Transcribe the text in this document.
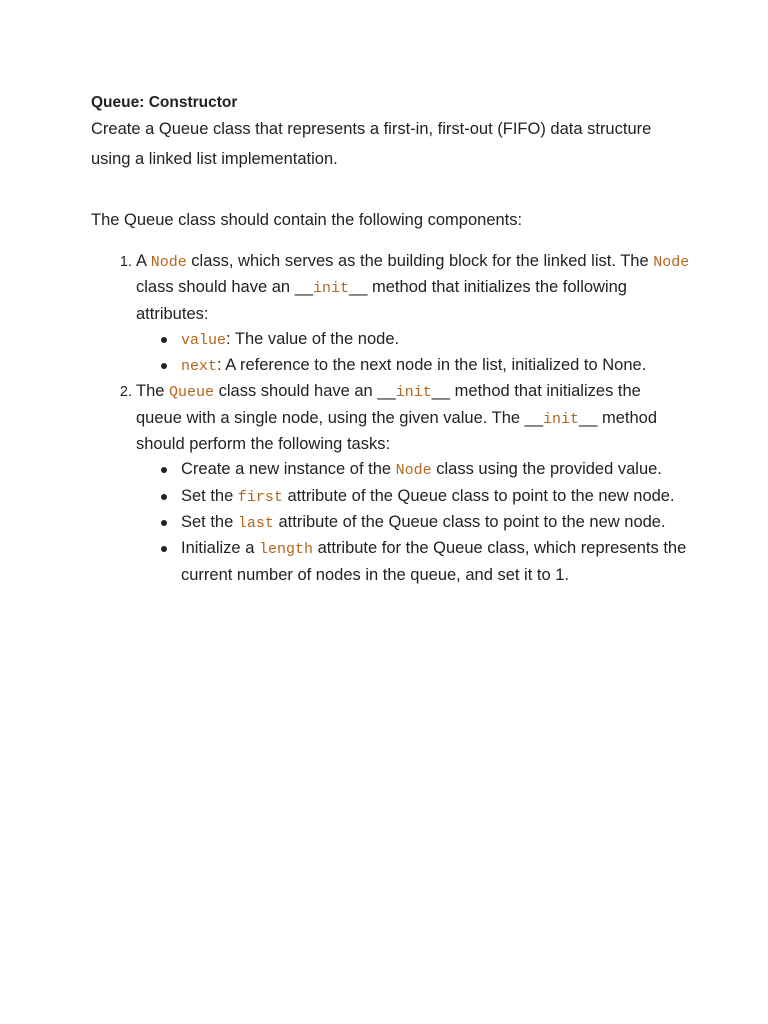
Queue: Constructor

Create a Queue class that represents a first-in, first-out (FIFO) data structure using a linked list implementation.

The Queue class should contain the following components:

1. A Node class, which serves as the building block for the linked list. The Node class should have an __init__ method that initializes the following attributes:
value: The value of the node.
next: A reference to the next node in the list, initialized to None.
2. The Queue class should have an __init__ method that initializes the queue with a single node, using the given value. The __init__ method should perform the following tasks:
Create a new instance of the Node class using the provided value.
Set the first attribute of the Queue class to point to the new node.
Set the last attribute of the Queue class to point to the new node.
Initialize a length attribute for the Queue class, which represents the current number of nodes in the queue, and set it to 1.
